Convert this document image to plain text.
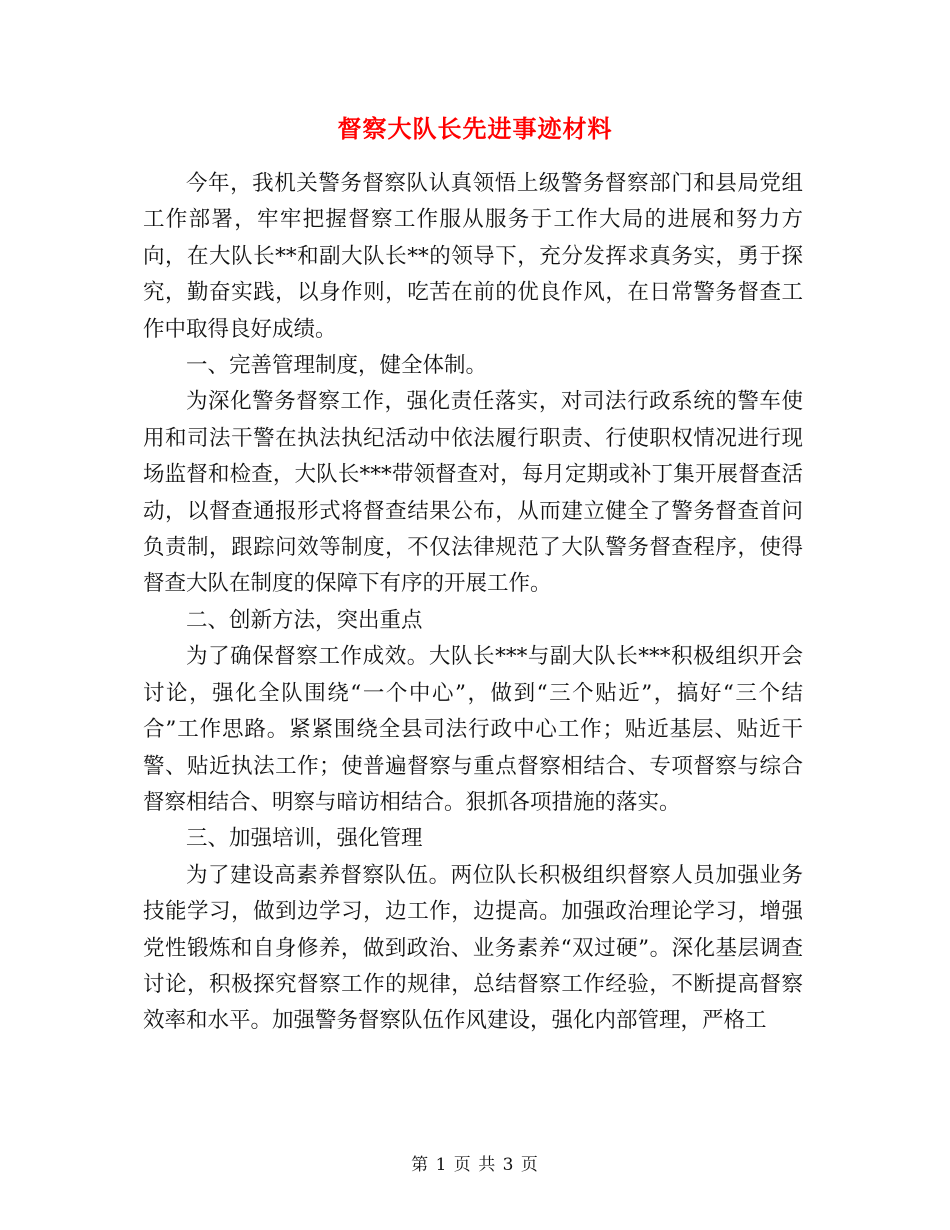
督察大队长先进事迹材料

今年，我机关警务督察队认真领悟上级警务督察部门和县局党组工作部署，牢牢把握督察工作服从服务于工作大局的进展和努力方向，在大队长**和副大队长**的领导下，充分发挥求真务实，勇于探究，勤奋实践，以身作则，吃苦在前的优良作风，在日常警务督查工作中取得良好成绩。

一、完善管理制度，健全体制。

为深化警务督察工作，强化责任落实，对司法行政系统的警车使用和司法干警在执法执纪活动中依法履行职责、行使职权情况进行现场监督和检查，大队长***带领督查对，每月定期或补丁集开展督查活动，以督查通报形式将督查结果公布，从而建立健全了警务督查首问负责制，跟踪问效等制度，不仅法律规范了大队警务督查程序，使得督查大队在制度的保障下有序的开展工作。

二、创新方法，突出重点

为了确保督察工作成效。大队长***与副大队长***积极组织开会讨论，强化全队围绕“一个中心”，做到“三个贴近”，搞好“三个结合”工作思路。紧紧围绕全县司法行政中心工作；贴近基层、贴近干警、贴近执法工作；使普遍督察与重点督察相结合、专项督察与综合督察相结合、明察与暗访相结合。狠抓各项措施的落实。

三、加强培训，强化管理

为了建设高素养督察队伍。两位队长积极组织督察人员加强业务技能学习，做到边学习，边工作，边提高。加强政治理论学习，增强党性锻炼和自身修养，做到政治、业务素养“双过硬”。深化基层调查讨论，积极探究督察工作的规律，总结督察工作经验，不断提高督察效率和水平。加强警务督察队伍作风建设，强化内部管理，严格工

第 1 页 共 3 页
